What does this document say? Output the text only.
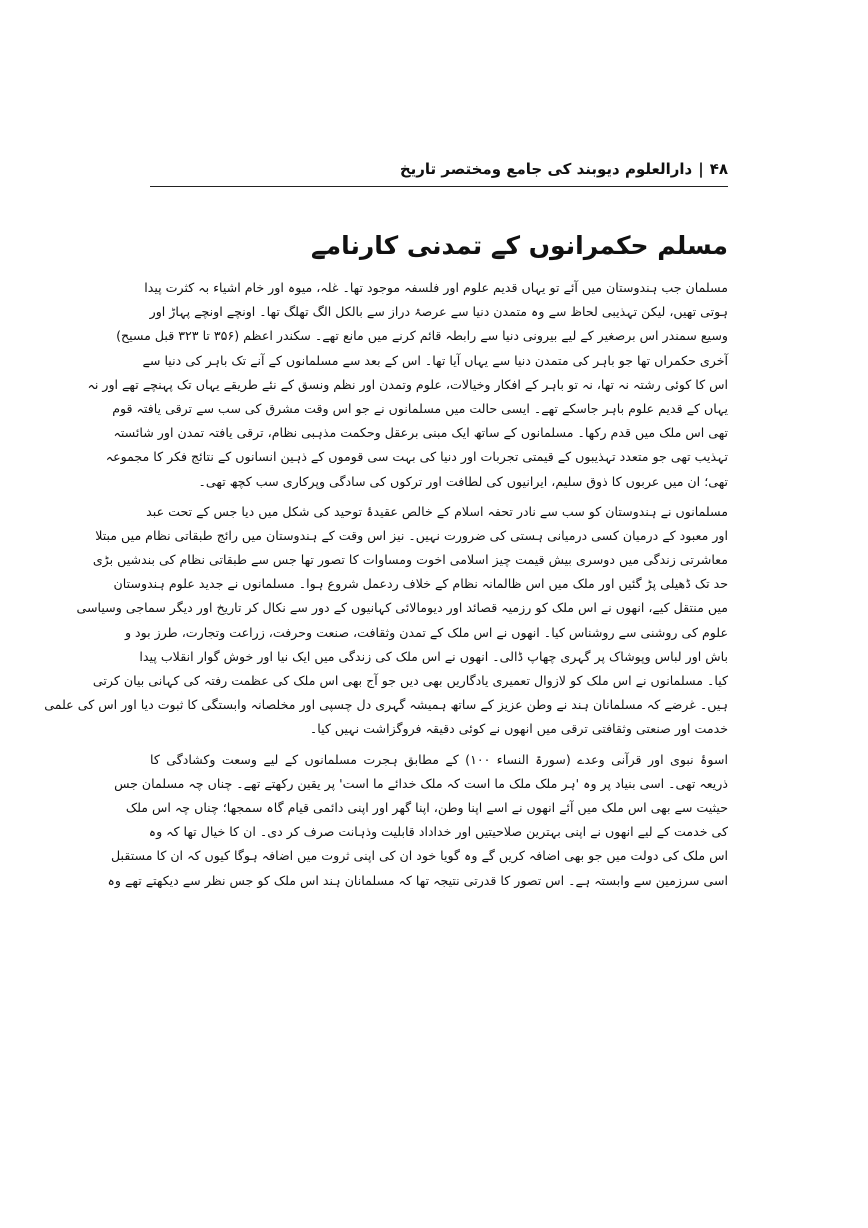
۴۸
|
دارالعلوم دیوبند کی جامع ومختصر تاریخ
مسلم حکمرانوں کے تمدنی کارنامے
مسلمان جب ہندوستان میں آئے تو یہاں قدیم علوم اور فلسفہ موجود تھا۔ غلہ، میوہ اور خام اشیاء بہ کثرت پیدا
ہوتی تھیں، لیکن تہذیبی لحاظ سے وہ متمدن دنیا سے عرصۂ دراز سے بالکل الگ تھلگ تھا۔ اونچے اونچے پہاڑ اور
وسیع سمندر اس برصغیر کے لیے بیرونی دنیا سے رابطہ قائم کرنے میں مانع تھے۔ سکندر اعظم (۳۵۶ تا ۳۲۳ قبل مسیح)
آخری حکمراں تھا جو باہر کی متمدن دنیا سے یہاں آیا تھا۔ اس کے بعد سے مسلمانوں کے آنے تک باہر کی دنیا سے
اس کا کوئی رشتہ نہ تھا، نہ تو باہر کے افکار وخیالات، علوم وتمدن اور نظم ونسق کے نئے طریقے یہاں تک پہنچے تھے اور نہ
یہاں کے قدیم علوم باہر جاسکے تھے۔ ایسی حالت میں مسلمانوں نے جو اس وقت مشرق کی سب سے ترقی یافتہ قوم
تھی اس ملک میں قدم رکھا۔ مسلمانوں کے ساتھ ایک مبنی برعقل وحکمت مذہبی نظام، ترقی یافتہ تمدن اور شائستہ
تہذیب تھی جو متعدد تہذیبوں کے قیمتی تجربات اور دنیا کی بہت سی قوموں کے ذہین انسانوں کے نتائج فکر کا مجموعہ
تھی؛ ان میں عربوں کا ذوق سلیم، ایرانیوں کی لطافت اور ترکوں کی سادگی وپرکاری سب کچھ تھی۔
مسلمانوں نے ہندوستان کو سب سے نادر تحفہ اسلام کے خالص عقیدۂ توحید کی شکل میں دیا جس کے تحت عبد
اور معبود کے درمیان کسی درمیانی ہستی کی ضرورت نہیں۔ نیز اس وقت کے ہندوستان میں رائج طبقاتی نظام میں مبتلا
معاشرتی زندگی میں دوسری بیش قیمت چیز اسلامی اخوت ومساوات کا تصور تھا جس سے طبقاتی نظام کی بندشیں بڑی
حد تک ڈھیلی پڑ گئیں اور ملک میں اس ظالمانہ نظام کے خلاف ردعمل شروع ہوا۔ مسلمانوں نے جدید علوم ہندوستان
میں منتقل کیے، انھوں نے اس ملک کو رزمیہ قصائد اور دیومالائی کہانیوں کے دور سے نکال کر تاریخ اور دیگر سماجی وسیاسی
علوم کی روشنی سے روشناس کیا۔ انھوں نے اس ملک کے تمدن وثقافت، صنعت وحرفت، زراعت وتجارت، طرز بود و
باش اور لباس وپوشاک پر گہری چھاپ ڈالی۔ انھوں نے اس ملک کی زندگی میں ایک نیا اور خوش گوار انقلاب پیدا
کیا۔ مسلمانوں نے اس ملک کو لازوال تعمیری یادگاریں بھی دیں جو آج بھی اس ملک کی عظمت رفتہ کی کہانی بیان کرتی
ہیں۔ غرضے کہ مسلمانان ہند نے وطن عزیز کے ساتھ ہمیشہ گہری دل چسپی اور مخلصانہ وابستگی کا ثبوت دیا اور اس کی علمی
خدمت اور صنعتی وثقافتی ترقی میں انھوں نے کوئی دقیقہ فروگزاشت نہیں کیا۔
اسوۂ نبوی اور قرآنی وعدے (سورۃ النساء ۱۰۰) کے مطابق ہجرت مسلمانوں کے لیے وسعت وکشادگی کا
ذریعہ تھی۔ اسی بنیاد پر وہ 'ہر ملک ملک ما است کہ ملک خدائے ما است' پر یقین رکھتے تھے۔ چناں چہ مسلمان جس
حیثیت سے بھی اس ملک میں آئے انھوں نے اسے اپنا وطن، اپنا گھر اور اپنی دائمی قیام گاہ سمجھا؛ چناں چہ اس ملک
کی خدمت کے لیے انھوں نے اپنی بہترین صلاحیتیں اور خداداد قابلیت وذہانت صرف کر دی۔ ان کا خیال تھا کہ وہ
اس ملک کی دولت میں جو بھی اضافہ کریں گے وہ گویا خود ان کی اپنی ثروت میں اضافہ ہوگا کیوں کہ ان کا مستقبل
اسی سرزمین سے وابستہ ہے۔ اس تصور کا قدرتی نتیجہ تھا کہ مسلمانان ہند اس ملک کو جس نظر سے دیکھتے تھے وہ
